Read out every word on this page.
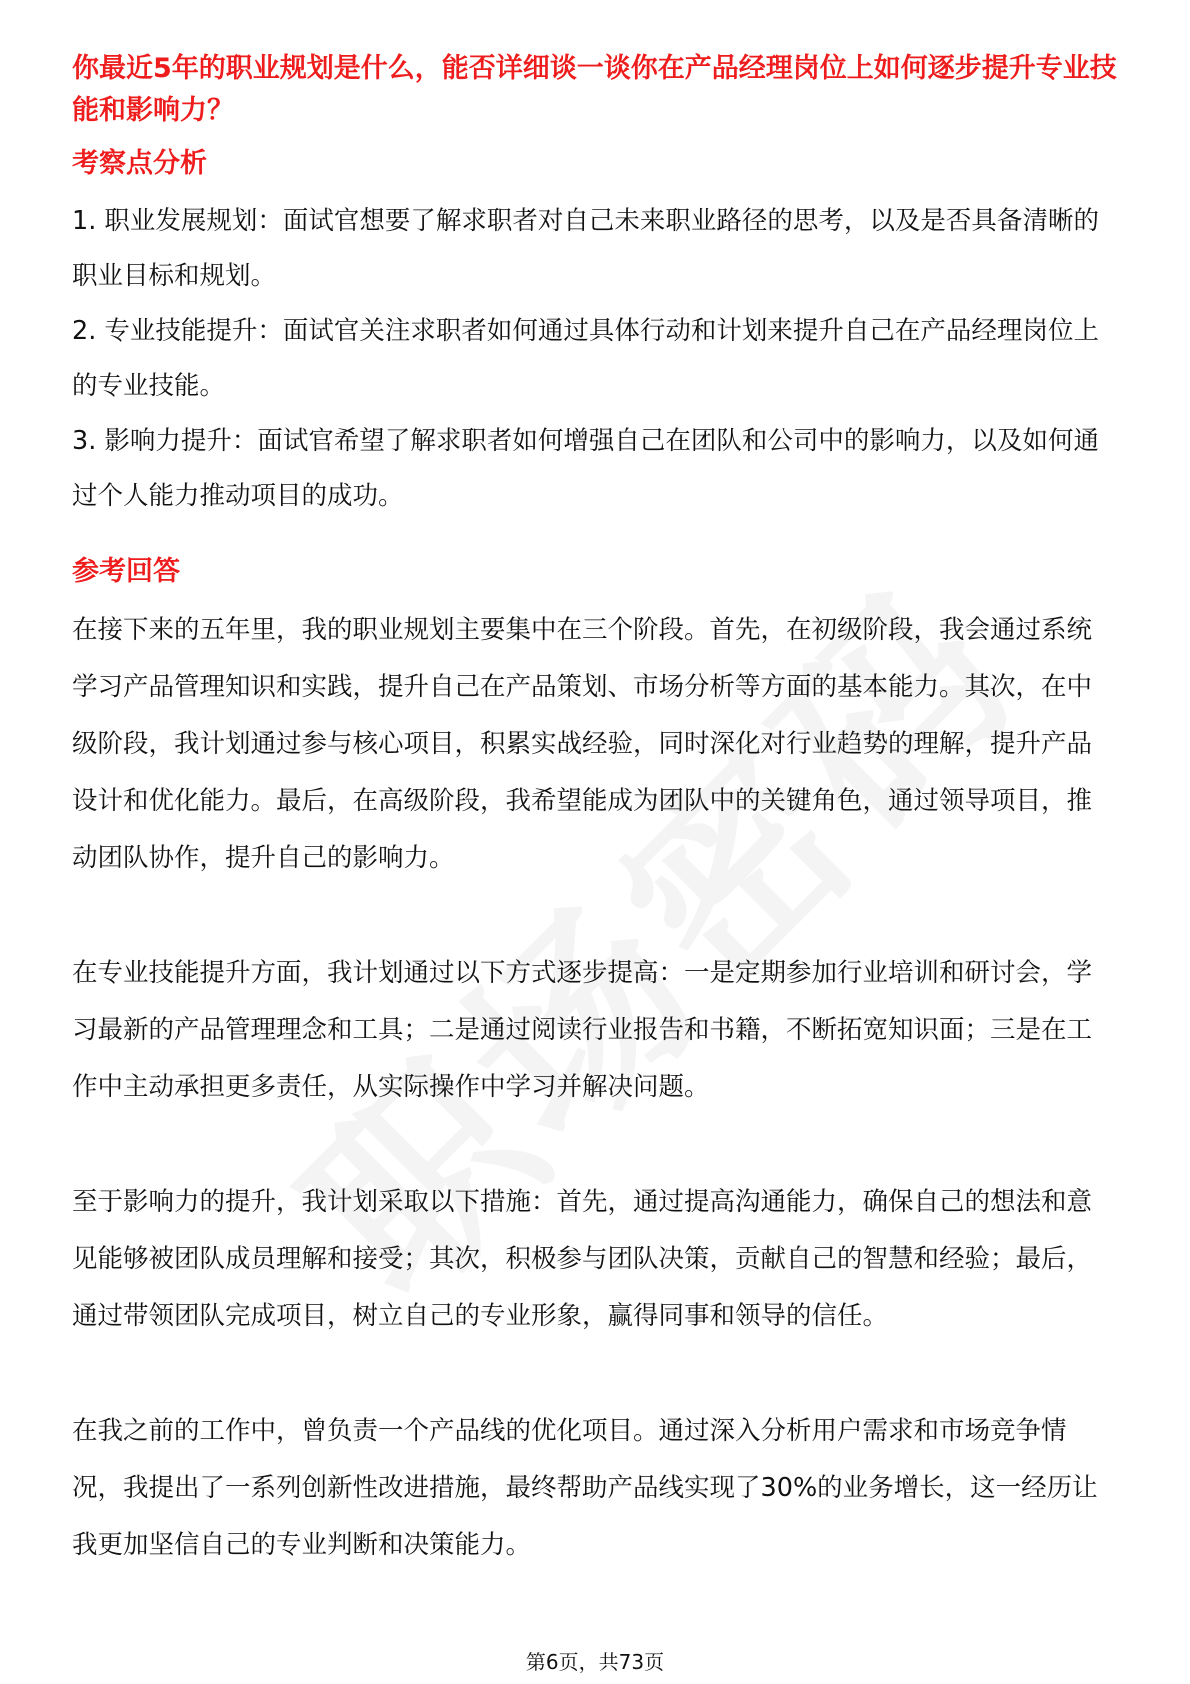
你最近5年的职业规划是什么，能否详细谈一谈你在产品经理岗位上如何逐步提升专业技能和影响力？
考察点分析

1. 职业发展规划：面试官想要了解求职者对自己未来职业路径的思考，以及是否具备清晰的职业目标和规划。

2. 专业技能提升：面试官关注求职者如何通过具体行动和计划来提升自己在产品经理岗位上的专业技能。

3. 影响力提升：面试官希望了解求职者如何增强自己在团队和公司中的影响力，以及如何通过个人能力推动项目的成功。

参考回答

在接下来的五年里，我的职业规划主要集中在三个阶段。首先，在初级阶段，我会通过系统学习产品管理知识和实践，提升自己在产品策划、市场分析等方面的基本能力。其次，在中级阶段，我计划通过参与核心项目，积累实战经验，同时深化对行业趋势的理解，提升产品设计和优化能力。最后，在高级阶段，我希望能成为团队中的关键角色，通过领导项目，推动团队协作，提升自己的影响力。

在专业技能提升方面，我计划通过以下方式逐步提高：一是定期参加行业培训和研讨会，学习最新的产品管理理念和工具；二是通过阅读行业报告和书籍，不断拓宽知识面；三是在工作中主动承担更多责任，从实际操作中学习并解决问题。

至于影响力的提升，我计划采取以下措施：首先，通过提高沟通能力，确保自己的想法和意见能够被团队成员理解和接受；其次，积极参与团队决策，贡献自己的智慧和经验；最后，通过带领团队完成项目，树立自己的专业形象，赢得同事和领导的信任。

在我之前的工作中，曾负责一个产品线的优化项目。通过深入分析用户需求和市场竞争情况，我提出了一系列创新性改进措施，最终帮助产品线实现了30%的业务增长，这一经历让我更加坚信自己的专业判断和决策能力。

第6页，共73页
